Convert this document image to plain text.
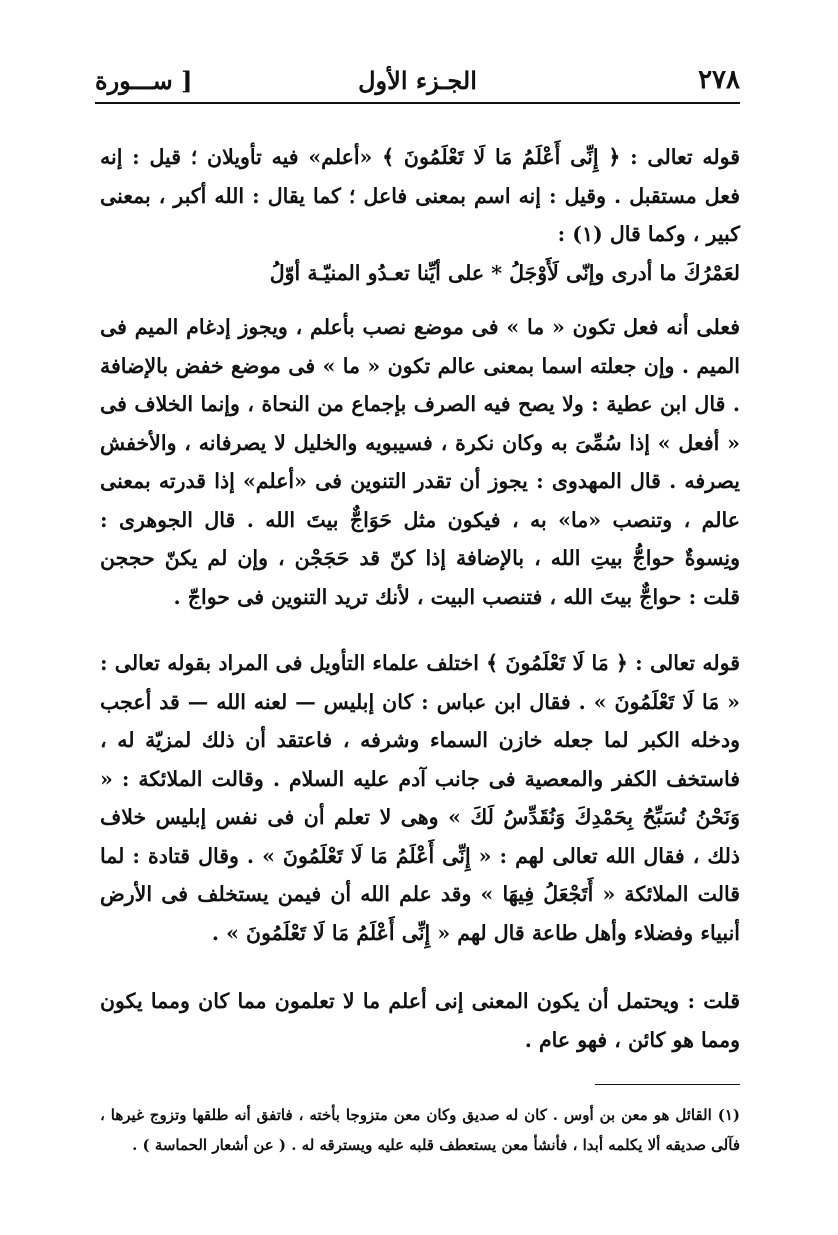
٢٧٨
الجـزء الأول
[ ســـورة

قوله تعالى : ﴿ إِنِّى أَعْلَمُ مَا لَا تَعْلَمُونَ ﴾ «أعلم» فيه تأويلان ؛ قيل : إنه فعل مستقبل . وقيل : إنه اسم بمعنى فاعل ؛ كما يقال : الله أكبر ، بمعنى كبير ، وكما قال (١) :

لعَمْرُكَ ما أدرى وإنّى لَأَوْجَلُ * على أيِّنا تعـدُو المنيّـة أوّلُ

فعلى أنه فعل تكون « ما » فى موضع نصب بأعلم ، ويجوز إدغام الميم فى الميم . وإن جعلته اسما بمعنى عالم تكون « ما » فى موضع خفض بالإضافة . قال ابن عطية : ولا يصح فيه الصرف بإجماع من النحاة ، وإنما الخلاف فى « أفعل » إذا سُمِّىَ به وكان نكرة ، فسيبويه والخليل لا يصرفانه ، والأخفش يصرفه . قال المهدوى : يجوز أن تقدر التنوين فى «أعلم» إذا قدرته بمعنى عالم ، وتنصب «ما» به ، فيكون مثل حَوَاجٌّ بيتَ الله . قال الجوهرى : ونِسوةٌ حواجُّ بيتِ الله ، بالإضافة إذا كنّ قد حَجَجْن ، وإن لم يكنّ حججن قلت : حواجٌّ بيتَ الله ، فتنصب البيت ، لأنك تريد التنوين فى حواجّ .

قوله تعالى : ﴿ مَا لَا تَعْلَمُونَ ﴾ اختلف علماء التأويل فى المراد بقوله تعالى : « مَا لَا تَعْلَمُونَ » . فقال ابن عباس : كان إبليس — لعنه الله — قد أعجب ودخله الكبر لما جعله خازن السماء وشرفه ، فاعتقد أن ذلك لمزيّة له ، فاستخف الكفر والمعصية فى جانب آدم عليه السلام . وقالت الملائكة : « وَنَحْنُ نُسَبِّحُ بِحَمْدِكَ وَنُقَدِّسُ لَكَ » وهى لا تعلم أن فى نفس إبليس خلاف ذلك ، فقال الله تعالى لهم : « إِنِّى أَعْلَمُ مَا لَا تَعْلَمُونَ » . وقال قتادة : لما قالت الملائكة « أَتَجْعَلُ فِيهَا » وقد علم الله أن فيمن يستخلف فى الأرض أنبياء وفضلاء وأهل طاعة قال لهم « إِنِّى أَعْلَمُ مَا لَا تَعْلَمُونَ » .

قلت : ويحتمل أن يكون المعنى إنى أعلم ما لا تعلمون مما كان ومما يكون ومما هو كائن ، فهو عام .

(١) القائل هو معن بن أوس . كان له صديق وكان معن متزوجا بأخته ، فاتفق أنه طلقها وتزوج غيرها ، فآلى صديقه ألا يكلمه أبدا ، فأنشأ معن يستعطف قلبه عليه ويسترقه له . ( عن أشعار الحماسة ) .
